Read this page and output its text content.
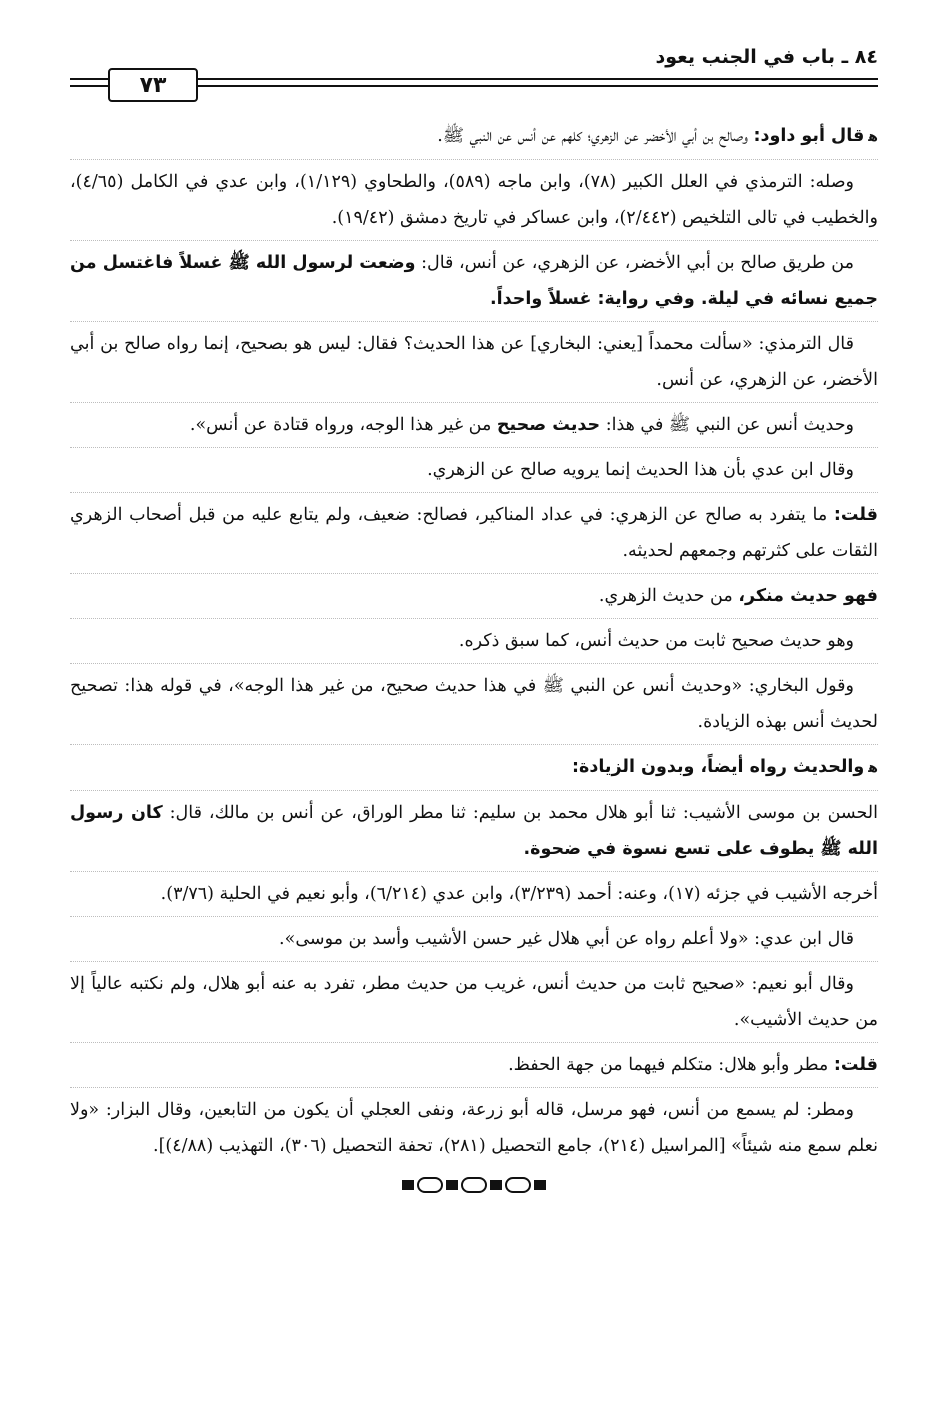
٨٤ ـ باب في الجنب يعود
٧٣

ﻫقال أبو داود: وصالح بن أبي الأخضر عن الزهري؛ كلهم عن أنس عن النبي ﷺ.

وصله: الترمذي في العلل الكبير (٧٨)، وابن ماجه (٥٨٩)، والطحاوي (١/١٢٩)، وابن عدي في الكامل (٤/٦٥)، والخطيب في تالى التلخيص (٢/٤٤٢)، وابن عساكر في تاريخ دمشق (١٩/٤٢).

من طريق صالح بن أبي الأخضر، عن الزهري، عن أنس، قال: وضعت لرسول الله ﷺ غسلاً فاغتسل من جميع نسائه في ليلة. وفي رواية: غسلاً واحداً.

قال الترمذي: «سألت محمداً [يعني: البخاري] عن هذا الحديث؟ فقال: ليس هو بصحيح، إنما رواه صالح بن أبي الأخضر، عن الزهري، عن أنس.

وحديث أنس عن النبي ﷺ في هذا: حديث صحيح من غير هذا الوجه، ورواه قتادة عن أنس».

وقال ابن عدي بأن هذا الحديث إنما يرويه صالح عن الزهري.

قلت: ما يتفرد به صالح عن الزهري: في عداد المناكير، فصالح: ضعيف، ولم يتابع عليه من قبل أصحاب الزهري الثقات على كثرتهم وجمعهم لحديثه.

فهو حديث منكر، من حديث الزهري.

وهو حديث صحيح ثابت من حديث أنس، كما سبق ذكره.

وقول البخاري: «وحديث أنس عن النبي ﷺ في هذا حديث صحيح، من غير هذا الوجه»، في قوله هذا: تصحيح لحديث أنس بهذه الزيادة.

ﻫوالحديث رواه أيضاً، وبدون الزيادة:

الحسن بن موسى الأشيب: ثنا أبو هلال محمد بن سليم: ثنا مطر الوراق، عن أنس بن مالك، قال: كان رسول الله ﷺ يطوف على تسع نسوة في ضحوة.

أخرجه الأشيب في جزئه (١٧)، وعنه: أحمد (٣/٢٣٩)، وابن عدي (٦/٢١٤)، وأبو نعيم في الحلية (٣/٧٦).

قال ابن عدي: «ولا أعلم رواه عن أبي هلال غير حسن الأشيب وأسد بن موسى».

وقال أبو نعيم: «صحيح ثابت من حديث أنس، غريب من حديث مطر، تفرد به عنه أبو هلال، ولم نكتبه عالياً إلا من حديث الأشيب».

قلت: مطر وأبو هلال: متكلم فيهما من جهة الحفظ.

ومطر: لم يسمع من أنس، فهو مرسل، قاله أبو زرعة، ونفى العجلي أن يكون من التابعين، وقال البزار: «ولا نعلم سمع منه شيئاً» [المراسيل (٢١٤)، جامع التحصيل (٢٨١)، تحفة التحصيل (٣٠٦)، التهذيب (٤/٨٨)].
